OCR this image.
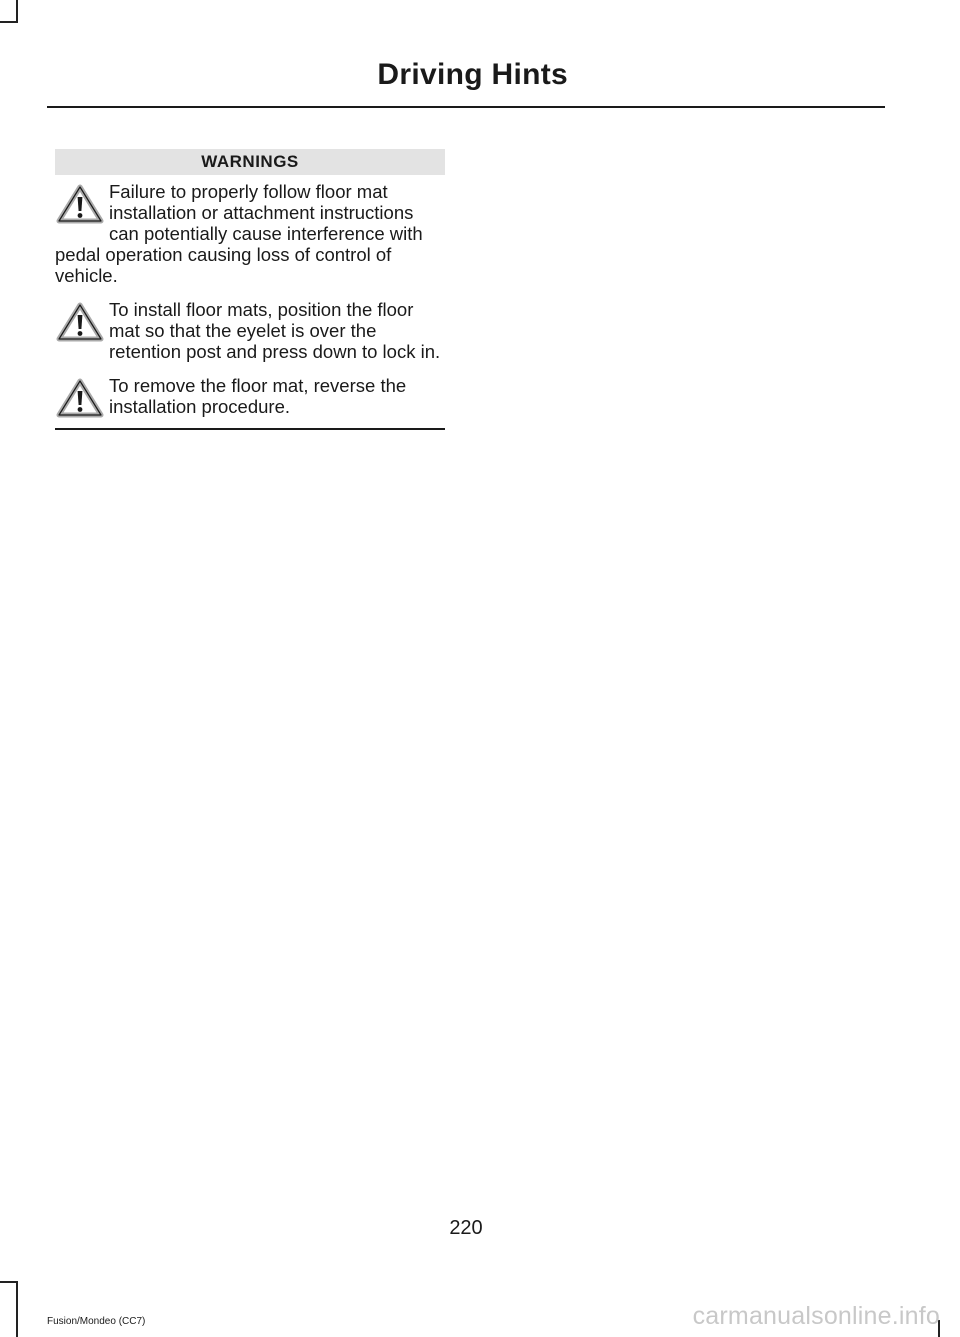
Driving Hints
WARNINGS
Failure to properly follow floor mat installation or attachment instructions can potentially cause interference with pedal operation causing loss of control of vehicle.
To install floor mats, position the floor mat so that the eyelet is over the retention post and press down to lock in.
To remove the floor mat, reverse the installation procedure.
220
Fusion/Mondeo (CC7)	carmanualsonline.info
